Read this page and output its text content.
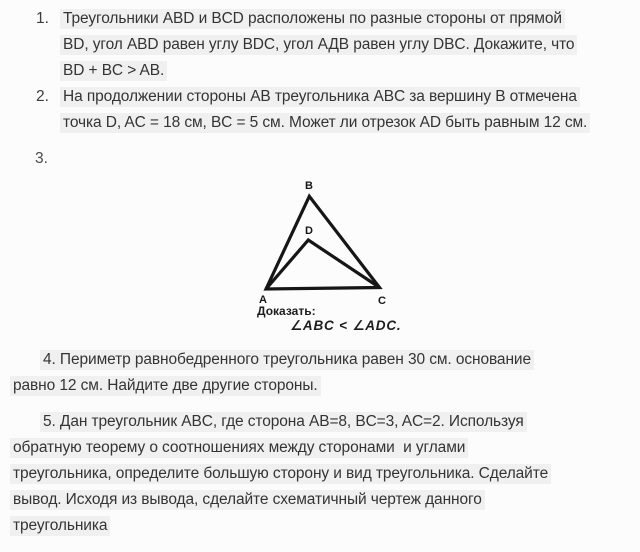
1. Треугольники ABD и BCD расположены по разные стороны от прямой
BD, угол ABD равен углу BDC, угол АДВ равен углу DBC. Докажите, что
BD + BC > AB.
2. На продолжении стороны AB треугольника ABC за вершину B отмечена
точка D, AC = 18 см, BC = 5 см. Может ли отрезок AD быть равным 12 см.
3.
B
D
A	C
Доказать:
∠ABC < ∠ADC.
4. Периметр равнобедренного треугольника равен 30 см. основание
равно 12 см. Найдите две другие стороны.
5. Дан треугольник ABC, где сторона AB=8, BC=3, AC=2. Используя
обратную теорему о соотношениях между сторонами  и углами
треугольника, определите большую сторону и вид треугольника. Сделайте
вывод. Исходя из вывода, сделайте схематичный чертеж данного
треугольника
